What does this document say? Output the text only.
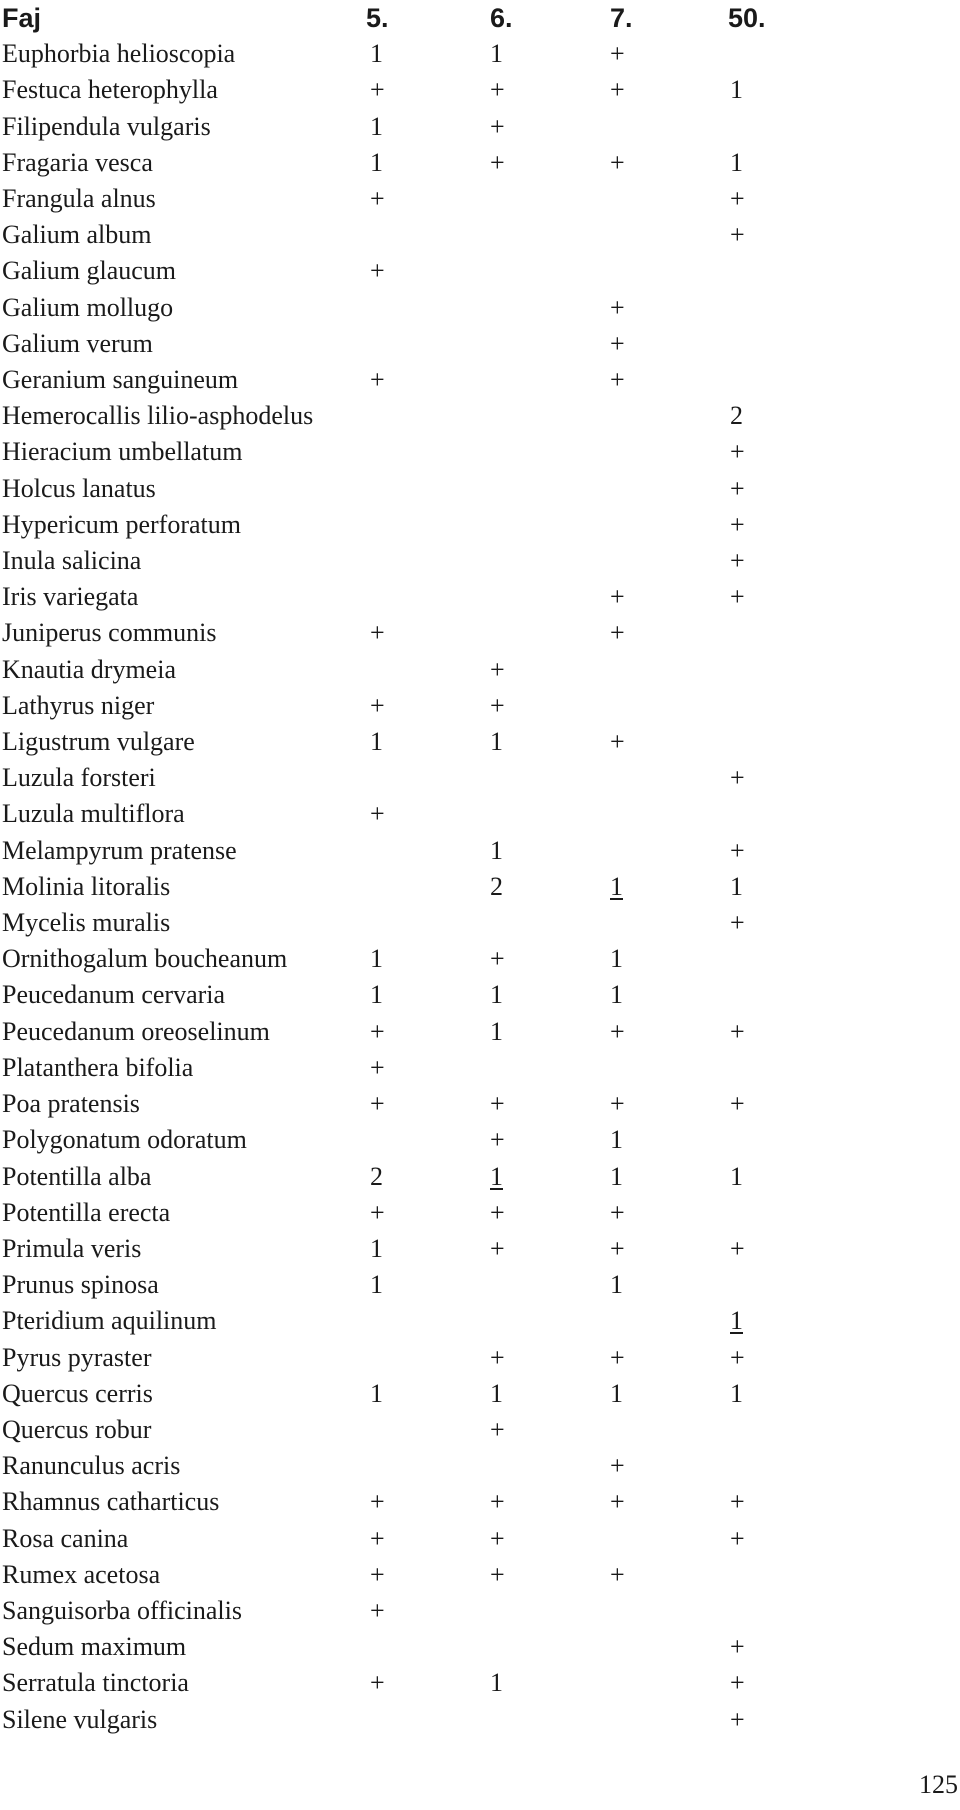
Faj	5.	6.	7.	50.
Euphorbia helioscopia	1	1	+	
Festuca heterophylla	+	+	+	1
Filipendula vulgaris	1	+		
Fragaria vesca	1	+	+	1
Frangula alnus	+			+
Galium album				+
Galium glaucum	+			
Galium mollugo			+	
Galium verum			+	
Geranium sanguineum	+		+	
Hemerocallis lilio-asphodelus				2
Hieracium umbellatum				+
Holcus lanatus				+
Hypericum perforatum				+
Inula salicina				+
Iris variegata			+	+
Juniperus communis	+		+	
Knautia drymeia		+		
Lathyrus niger	+	+		
Ligustrum vulgare	1	1	+	
Luzula forsteri				+
Luzula multiflora	+			
Melampyrum pratense		1		+
Molinia litoralis		2	1	1
Mycelis muralis				+
Ornithogalum boucheanum	1	+	1	
Peucedanum cervaria	1	1	1	
Peucedanum oreoselinum	+	1	+	+
Platanthera bifolia	+			
Poa pratensis	+	+	+	+
Polygonatum odoratum		+	1	
Potentilla alba	2	1	1	1
Potentilla erecta	+	+	+	
Primula veris	1	+	+	+
Prunus spinosa	1		1	
Pteridium aquilinum				1
Pyrus pyraster		+	+	+
Quercus cerris	1	1	1	1
Quercus robur		+		
Ranunculus acris			+	
Rhamnus catharticus	+	+	+	+
Rosa canina	+	+		+
Rumex acetosa	+	+	+	
Sanguisorba officinalis	+			
Sedum maximum				+
Serratula tinctoria	+	1		+
Silene vulgaris				+
125
